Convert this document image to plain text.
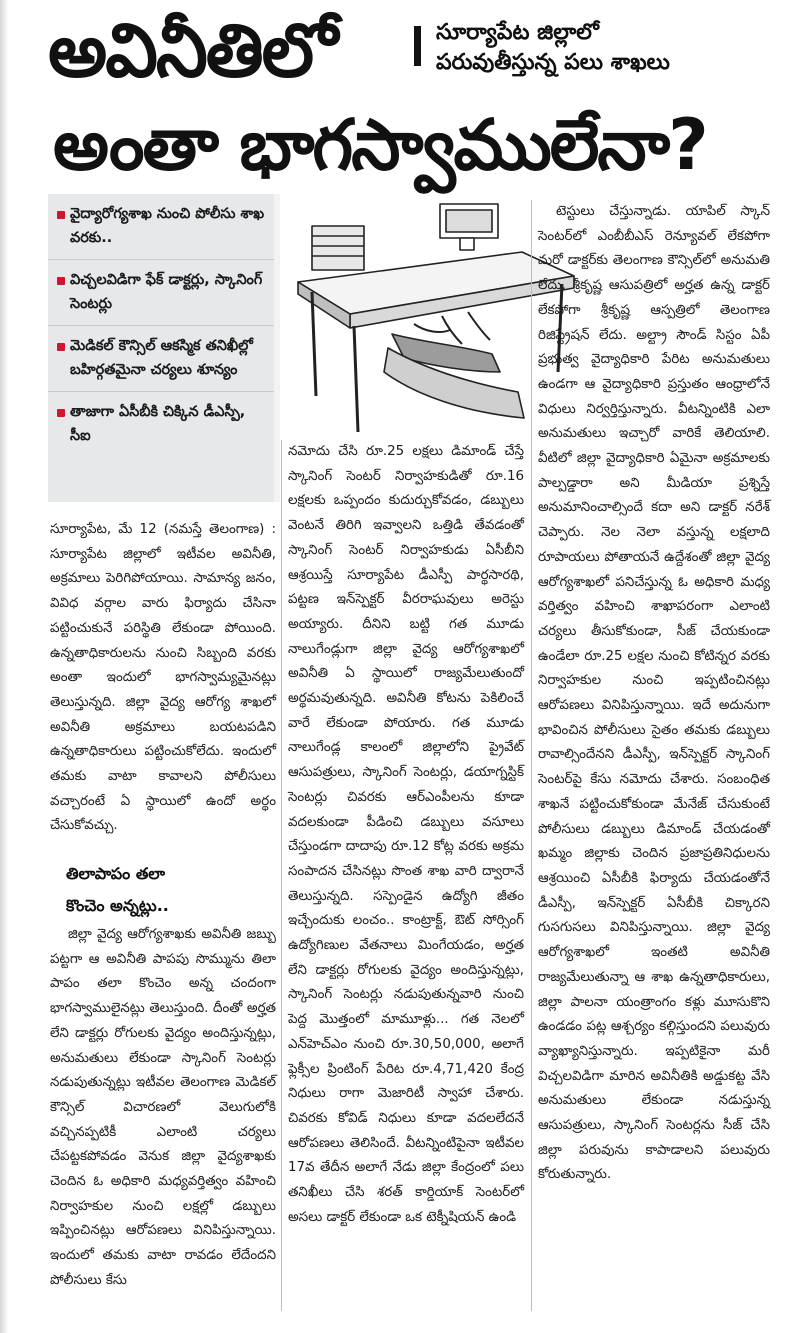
అవినీతిలో
అంతా భాగస్వాములేనా?
సూర్యాపేట జిల్లాలో
పరువుతీస్తున్న పలు శాఖలు
వైద్యారోగ్యశాఖ నుంచి పోలీసు శాఖ వరకు..
విచ్చలవిడిగా ఫేక్ డాక్టర్లు, స్కానింగ్ సెంటర్లు
మెడికల్ కౌన్సిల్ ఆకస్మిక తనిఖీల్లో బహిర్గతమైనా చర్యలు శూన్యం
తాజాగా ఏసీబీకి చిక్కిన డీఎస్పీ, సీఐ

సూర్యాపేట, మే 12 (నమస్తే తెలంగాణ) : సూర్యాపేట జిల్లాలో ఇటీవల అవినీతి, అక్రమాలు పెరిగిపోయాయి. సామాన్య జనం, వివిధ వర్గాల వారు ఫిర్యాదు చేసినా పట్టించుకునే పరిస్థితి లేకుండా పోయింది. ఉన్నతాధికారులను నుంచి సిబ్బంది వరకు అంతా ఇందులో భాగస్వామ్యమైనట్లు తెలుస్తున్నది. జిల్లా వైద్య ఆరోగ్య శాఖలో అవినీతి అక్రమాలు బయటపడిని ఉన్నతాధికారులు పట్టించుకోలేదు. ఇందులో తమకు వాటా కావాలని పోలీసులు వచ్చారంటే ఏ స్థాయిలో ఉందో అర్థం చేసుకోవచ్చు.

తిలాపాపం తలా
కొంచెం అన్నట్లు..

జిల్లా వైద్య ఆరోగ్యశాఖకు అవినీతి జబ్బు పట్టగా ఆ అవినీతి పాపపు సొమ్మును తిలా పాపం తలా కొంచెం అన్న చందంగా భాగస్వాములైనట్లు తెలుస్తుంది. దీంతో అర్హత లేని డాక్టర్లు రోగులకు వైద్యం అందిస్తున్నట్లు, అనుమతులు లేకుండా స్కానింగ్ సెంటర్లు నడుపుతున్నట్లు ఇటీవల తెలంగాణ మెడికల్ కౌన్సిల్ విచారణలో వెలుగులోకి వచ్చినప్పటికీ ఎలాంటి చర్యలు చేపట్టకపోవడం వెనుక జిల్లా వైద్యశాఖకు చెందిన ఓ అధికారి మధ్యవర్తిత్వం వహించి నిర్వాహకుల నుంచి లక్షల్లో డబ్బులు ఇప్పించినట్లు ఆరోపణలు వినిపిస్తున్నాయి. ఇందులో తమకు వాటా రావడం లేదేందని పోలీసులు కేసు

నమోదు చేసి రూ.25 లక్షలు డిమాండ్ చేస్తే స్కానింగ్ సెంటర్ నిర్వాహకుడితో రూ.16 లక్షలకు ఒప్పందం కుదుర్చుకోవడం, డబ్బులు వెంటనే తిరిగి ఇవ్వాలని ఒత్తిడి తేవడంతో స్కానింగ్ సెంటర్ నిర్వాహకుడు ఏసీబీని ఆశ్రయిస్తే సూర్యాపేట డీఎస్పీ పార్థసారథి, పట్టణ ఇన్‌స్పెక్టర్ వీరరాఘవులు అరెస్టు అయ్యారు. దీనిని బట్టి గత మూడు నాలుగేండ్లుగా జిల్లా వైద్య ఆరోగ్యశాఖలో అవినీతి ఏ స్థాయిలో రాజ్యమేలుతుందో అర్థమవుతున్నది. అవినీతి కోటను పెకిలించే వారే లేకుండా పోయారు. గత మూడు నాలుగేండ్ల కాలంలో జిల్లాలోని ప్రైవేట్ ఆసుపత్రులు, స్కానింగ్ సెంటర్లు, డయాగ్నస్టిక్ సెంటర్లు చివరకు ఆర్ఎంపీలను కూడా వదలకుండా పీడించి డబ్బులు వసూలు చేస్తుండగా దాదాపు రూ.12 కోట్ల వరకు అక్రమ సంపాదన చేసినట్లు సొంత శాఖ వారి ద్వారానే తెలుస్తున్నది. సస్పెండైన ఉద్యోగి జీతం ఇచ్చేందుకు లంచం.. కాంట్రాక్ట్, ఔట్ సోర్సింగ్ ఉద్యోగిణుల వేతనాలు మింగేయడం, అర్హత లేని డాక్టర్లు రోగులకు వైద్యం అందిస్తున్నట్లు, స్కానింగ్ సెంటర్లు నడుపుతున్నవారి నుంచి పెద్ద మొత్తంలో మామూళ్లు... గత నెలలో ఎన్‌హెచ్ఎం నుంచి రూ.30,50,000, అలాగే ఫ్లెక్సీల ప్రింటింగ్ పేరిట రూ.4,71,420 కేంద్ర నిధులు రాగా మెజారిటీ స్వాహా చేశారు. చివరకు కోవిడ్ నిధులు కూడా వదలలేదనే ఆరోపణలు తెలిసిందే. వీటన్నింటిపైనా ఇటీవల 17వ తేదీన అలాగే నేడు జిల్లా కేంద్రంలో పలు తనిఖీలు చేసి శరత్ కార్డియాక్ సెంటర్‌లో అసలు డాక్టర్ లేకుండా ఒక టెక్నీషియన్ ఉండి

టెస్టులు చేస్తున్నాడు. యాపిల్ స్కాన్ సెంటర్‌లో ఎంబీబీఎస్ రెన్యూవల్ లేకపోగా మరో డాక్టర్‌కు తెలంగాణ కౌన్సిల్‌లో అనుమతి లేదు. శ్రీకృష్ణ ఆసుపత్రిలో అర్హత ఉన్న డాక్టర్ లేకపోగా శ్రీకృష్ణ ఆస్పత్రిలో తెలంగాణ రిజిస్ట్రేషన్ లేదు. అల్ట్రా సౌండ్ సిస్టం ఏపీ ప్రభుత్వ వైద్యాధికారి పేరిట అనుమతులు ఉండగా ఆ వైద్యాధికారి ప్రస్తుతం ఆంధ్రాలోనే విధులు నిర్వర్తిస్తున్నారు. వీటన్నింటికి ఎలా అనుమతులు ఇచ్చారో వారికే తెలియాలి. వీటిలో జిల్లా వైద్యాధికారి ఏమైనా అక్రమాలకు పాల్పడ్డారా అని మీడియా ప్రశ్నిస్తే అనుమానించాల్సిందే కదా అని డాక్టర్ నరేశ్ చెప్పారు. నెల నెలా వస్తున్న లక్షలాది రూపాయలు పోతాయనే ఉద్దేశంతో జిల్లా వైద్య ఆరోగ్యశాఖలో పనిచేస్తున్న ఓ అధికారి మధ్య వర్తిత్వం వహించి శాఖాపరంగా ఎలాంటి చర్యలు తీసుకోకుండా, సీజ్ చేయకుండా ఉండేలా రూ.25 లక్షల నుంచి కోటిన్నర వరకు నిర్వాహకుల నుంచి ఇప్పటించినట్లు ఆరోపణలు వినిపిస్తున్నాయి. ఇదే అదునుగా భావించిన పోలీసులు సైతం తమకు డబ్బులు రావాల్సిందేనని డీఎస్పీ, ఇన్‌స్పెక్టర్ స్కానింగ్ సెంటర్‌పై కేసు నమోదు చేశారు. సంబంధిత శాఖనే పట్టించుకోకుండా మేనేజ్ చేసుకుంటే పోలీసులు డబ్బులు డిమాండ్ చేయడంతో ఖమ్మం జిల్లాకు చెందిన ప్రజాప్రతినిధులను ఆశ్రయించి ఏసీబీకి ఫిర్యాదు చేయడంతోనే డీఎస్పీ, ఇన్‌స్పెక్టర్ ఏసీబీకి చిక్కారని గుసగుసలు వినిపిస్తున్నాయి. జిల్లా వైద్య ఆరోగ్యశాఖలో ఇంతటి అవినీతి రాజ్యమేలుతున్నా ఆ శాఖ ఉన్నతాధికారులు, జిల్లా పాలనా యంత్రాంగం కళ్లు మూసుకొని ఉండడం పట్ల ఆశ్చర్యం కల్గిస్తుందని పలువురు వ్యాఖ్యానిస్తున్నారు. ఇప్పటికైనా మరీ విచ్చలవిడిగా మారిన అవినీతికి అడ్డుకట్ట వేసి అనుమతులు లేకుండా నడుస్తున్న ఆసుపత్రులు, స్కానింగ్ సెంటర్లను సీజ్ చేసి జిల్లా పరువును కాపాడాలని పలువురు కోరుతున్నారు.
